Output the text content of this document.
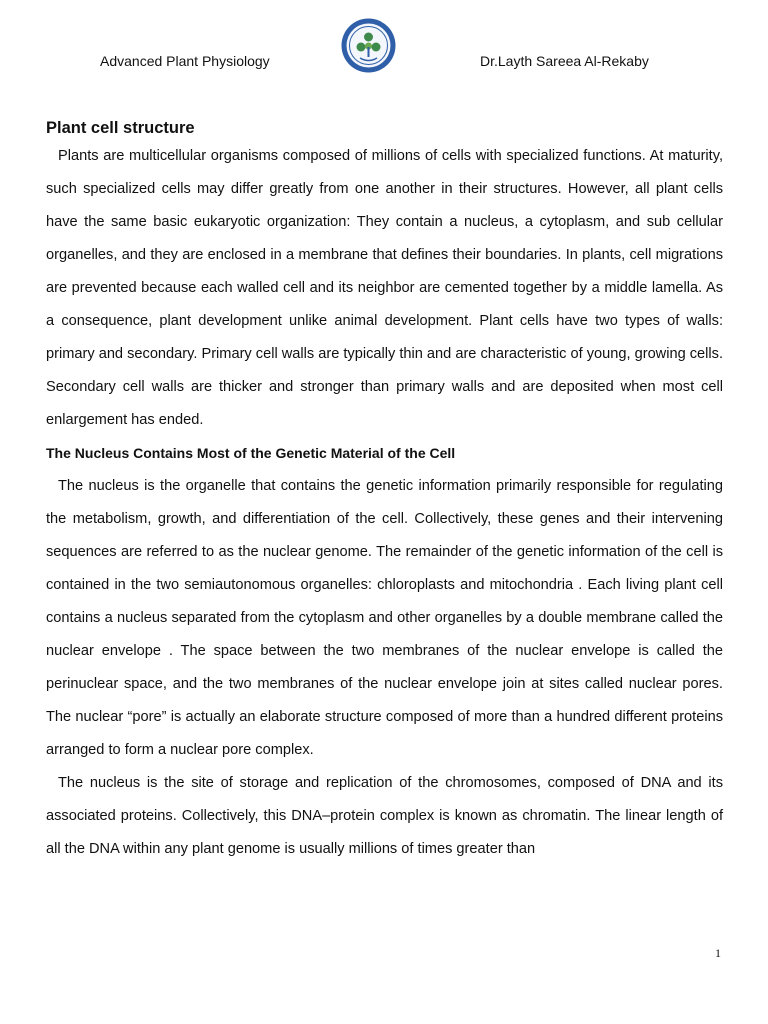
Advanced Plant Physiology	Dr.Layth Sareea Al-Rekaby
Plant cell structure

Plants are multicellular organisms composed of millions of cells with specialized functions. At maturity, such specialized cells may differ greatly from one another in their structures. However, all plant cells have the same basic eukaryotic organization: They contain a nucleus, a cytoplasm, and sub cellular organelles, and they are enclosed in a membrane that defines their boundaries. In plants, cell migrations are prevented because each walled cell and its neighbor are cemented together by a middle lamella. As a consequence, plant development unlike animal development. Plant cells have two types of walls: primary and secondary. Primary cell walls are typically thin and are characteristic of young, growing cells. Secondary cell walls are thicker and stronger than primary walls and are deposited when most cell enlargement has ended.

The Nucleus Contains Most of the Genetic Material of the Cell

The nucleus is the organelle that contains the genetic information primarily responsible for regulating the metabolism, growth, and differentiation of the cell. Collectively, these genes and their intervening sequences are referred to as the nuclear genome. The remainder of the genetic information of the cell is contained in the two semiautonomous organelles: chloroplasts and mitochondria . Each living plant cell contains a nucleus separated from the cytoplasm and other organelles by a double membrane called the nuclear envelope . The space between the two membranes of the nuclear envelope is called the perinuclear space, and the two membranes of the nuclear envelope join at sites called nuclear pores. The nuclear “pore” is actually an elaborate structure composed of more than a hundred different proteins arranged to form a nuclear pore complex.

The nucleus is the site of storage and replication of the chromosomes, composed of DNA and its associated proteins. Collectively, this DNA–protein complex is known as chromatin. The linear length of all the DNA within any plant genome is usually millions of times greater than

1
